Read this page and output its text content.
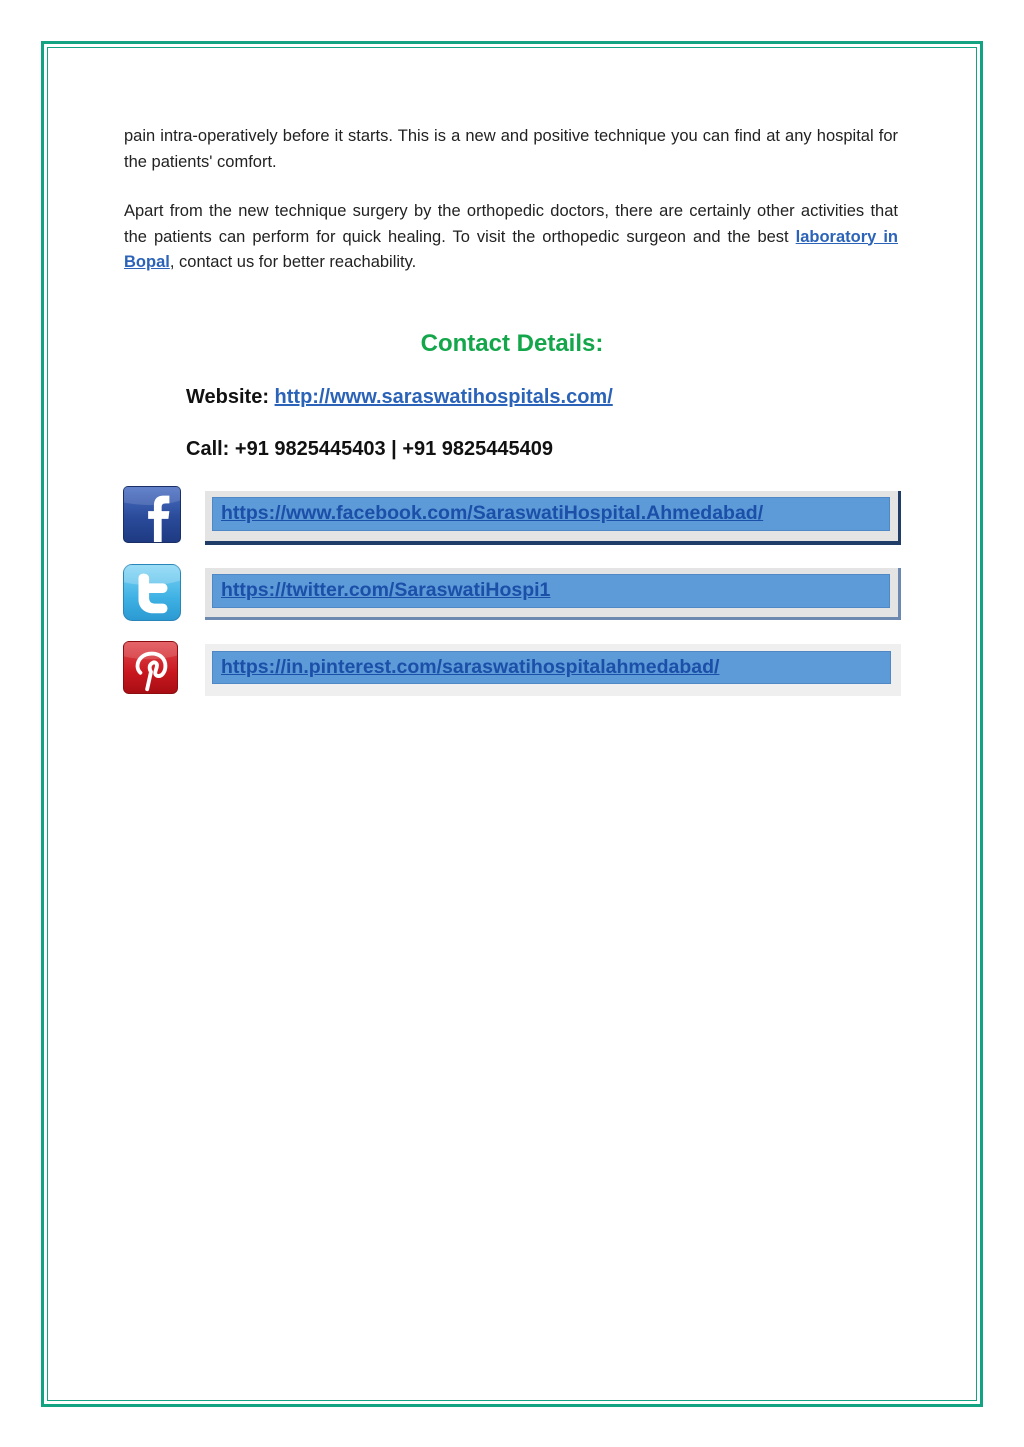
pain intra-operatively before it starts. This is a new and positive technique you can find at any hospital for the patients' comfort.

Apart from the new technique surgery by the orthopedic doctors, there are certainly other activities that the patients can perform for quick healing. To visit the orthopedic surgeon and the best laboratory in Bopal, contact us for better reachability.

Contact Details:
Website: http://www.saraswatihospitals.com/
Call: +91 9825445403 | +91 9825445409
https://www.facebook.com/SaraswatiHospital.Ahmedabad/
https://twitter.com/SaraswatiHospi1
https://in.pinterest.com/saraswatihospitalahmedabad/
